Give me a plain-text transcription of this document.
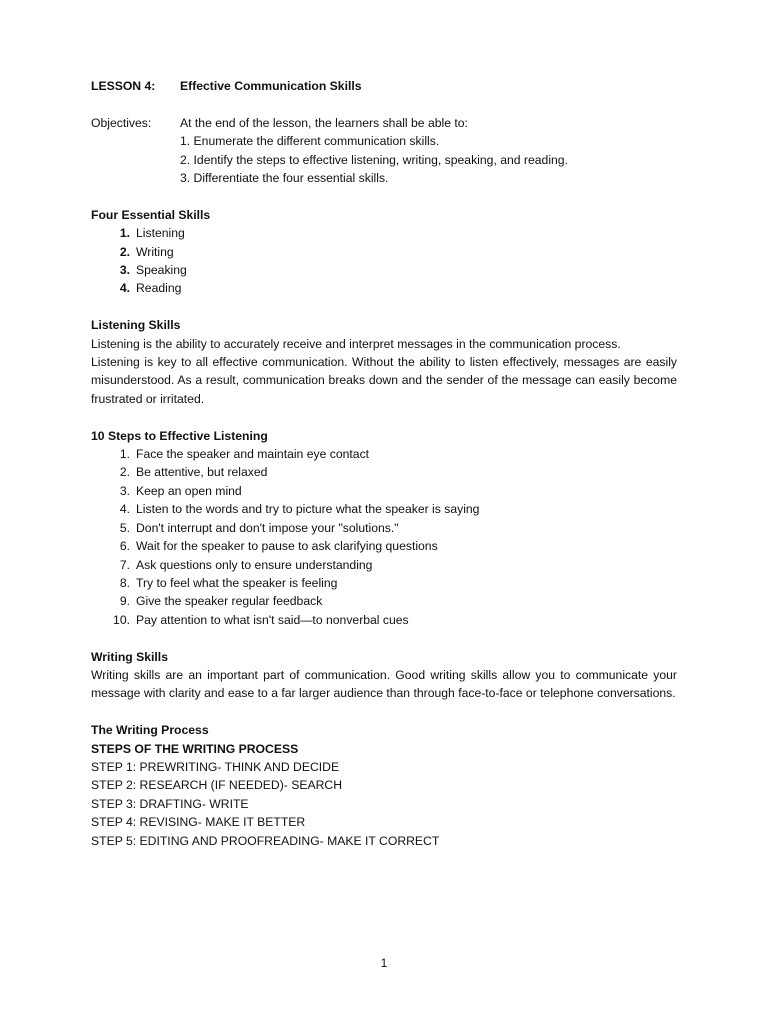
LESSON 4:	Effective Communication Skills
Objectives:	At the end of the lesson, the learners shall be able to:
1. Enumerate the different communication skills.
2. Identify the steps to effective listening, writing, speaking, and reading.
3. Differentiate the four essential skills.
Four Essential Skills
1. Listening
2. Writing
3. Speaking
4. Reading
Listening Skills
Listening is the ability to accurately receive and interpret messages in the communication process.
Listening is key to all effective communication. Without the ability to listen effectively, messages are easily misunderstood. As a result, communication breaks down and the sender of the message can easily become frustrated or irritated.
10 Steps to Effective Listening
1. Face the speaker and maintain eye contact
2. Be attentive, but relaxed
3. Keep an open mind
4. Listen to the words and try to picture what the speaker is saying
5. Don't interrupt and don't impose your "solutions."
6. Wait for the speaker to pause to ask clarifying questions
7. Ask questions only to ensure understanding
8. Try to feel what the speaker is feeling
9. Give the speaker regular feedback
10. Pay attention to what isn't said—to nonverbal cues
Writing Skills
Writing skills are an important part of communication. Good writing skills allow you to communicate your message with clarity and ease to a far larger audience than through face-to-face or telephone conversations.
The Writing Process
STEPS OF THE WRITING PROCESS
STEP 1: PREWRITING- THINK AND DECIDE
STEP 2: RESEARCH (IF NEEDED)- SEARCH
STEP 3: DRAFTING- WRITE
STEP 4: REVISING- MAKE IT BETTER
STEP 5: EDITING AND PROOFREADING- MAKE IT CORRECT
1
